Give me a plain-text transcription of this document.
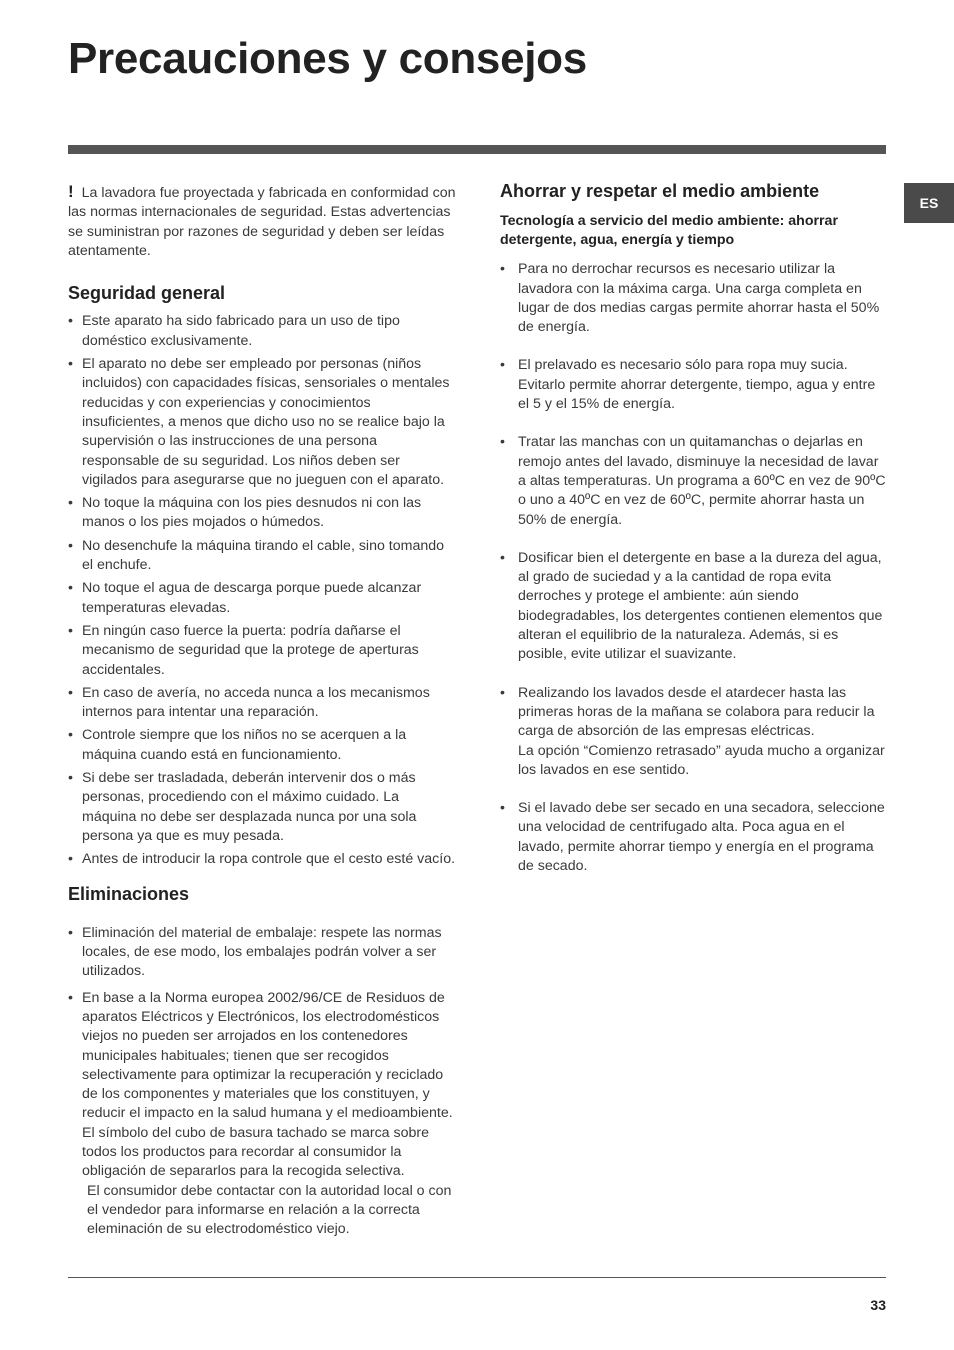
Precauciones y consejos
ES

! La lavadora fue proyectada y fabricada en conformidad con las normas internacionales de seguridad. Estas advertencias se suministran por razones de seguridad y deben ser leídas atentamente.

Seguridad general
• Este aparato ha sido fabricado para un uso de tipo doméstico exclusivamente.
• El aparato no debe ser empleado por personas (niños incluidos) con capacidades físicas, sensoriales o mentales reducidas y con experiencias y conocimientos insuficientes, a menos que dicho uso no se realice bajo la supervisión o las instrucciones de una persona responsable de su seguridad. Los niños deben ser vigilados para asegurarse que no jueguen con el aparato.
• No toque la máquina con los pies desnudos ni con las manos o los pies mojados o húmedos.
• No desenchufe la máquina tirando el cable, sino tomando el enchufe.
• No toque el agua de descarga porque puede alcanzar temperaturas elevadas.
• En ningún caso fuerce la puerta: podría dañarse el mecanismo de seguridad que la protege de aperturas accidentales.
• En caso de avería, no acceda nunca a los mecanismos internos para intentar una reparación.
• Controle siempre que los niños no se acerquen a la máquina cuando está en funcionamiento.
• Si debe ser trasladada, deberán intervenir dos o más personas, procediendo con el máximo cuidado. La máquina no debe ser desplazada nunca por una sola persona ya que es muy pesada.
• Antes de introducir la ropa controle que el cesto esté vacío.
Eliminaciones
• Eliminación del material de embalaje: respete las normas locales, de ese modo, los embalajes podrán volver a ser utilizados.
• En base a la Norma europea 2002/96/CE de Residuos de aparatos Eléctricos y Electrónicos, los electrodomésticos viejos no pueden ser arrojados en los contenedores municipales habituales; tienen que ser recogidos selectivamente para optimizar la recuperación y reciclado de los componentes y materiales que los constituyen, y reducir el impacto en la salud humana y el medioambiente. El símbolo del cubo de basura tachado se marca sobre todos los productos para recordar al consumidor la obligación de separarlos para la recogida selectiva.
El consumidor debe contactar con la autoridad local o con el vendedor para informarse en relación a la correcta eleminación de su electrodoméstico viejo.
Ahorrar y respetar el medio ambiente

Tecnología a servicio del medio ambiente: ahorrar detergente, agua, energía y tiempo

• Para no derrochar recursos es necesario utilizar la lavadora con la máxima carga. Una carga completa en lugar de dos medias cargas permite ahorrar hasta el 50% de energía.
• El prelavado es necesario sólo para ropa muy sucia. Evitarlo permite ahorrar detergente, tiempo, agua y entre el 5 y el 15% de energía.
• Tratar las manchas con un quitamanchas o dejarlas en remojo antes del lavado, disminuye la necesidad de lavar a altas temperaturas. Un programa a 60ºC en vez de 90ºC o uno a 40ºC en vez de 60ºC, permite ahorrar hasta un 50% de energía.
• Dosificar bien el detergente en base a la dureza del agua, al grado de suciedad y a la cantidad de ropa evita derroches y protege el ambiente: aún siendo biodegradables, los detergentes contienen elementos que alteran el equilibrio de la naturaleza. Además, si es posible, evite utilizar el suavizante.
• Realizando los lavados desde el atardecer hasta las primeras horas de la mañana se colabora para reducir la carga de absorción de las empresas eléctricas.
La opción “Comienzo retrasado” ayuda mucho a organizar los lavados en ese sentido.
• Si el lavado debe ser secado en una secadora, seleccione una velocidad de centrifugado alta. Poca agua en el lavado, permite ahorrar tiempo y energía en el programa de secado.
33
